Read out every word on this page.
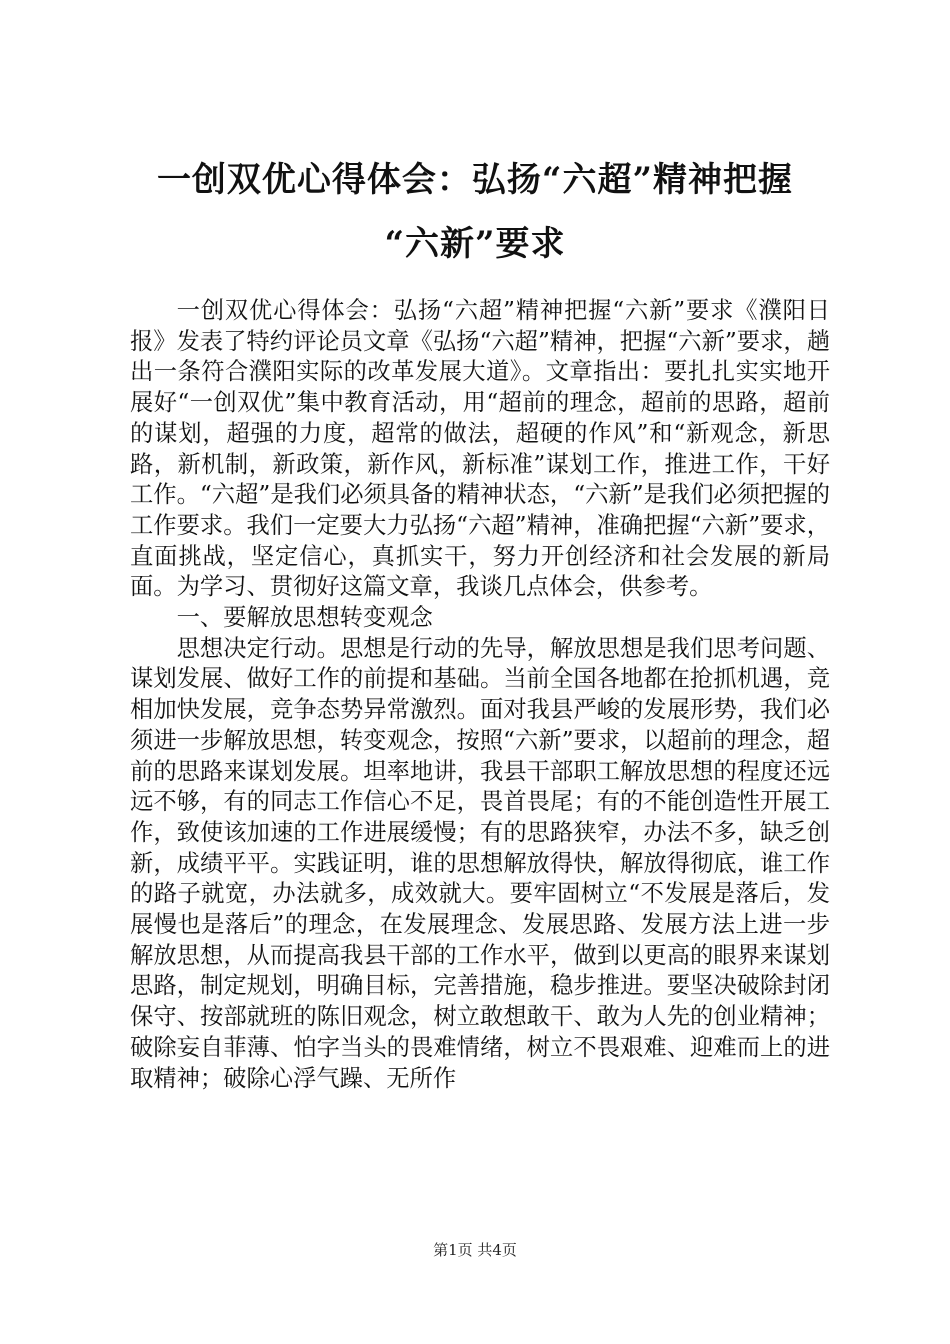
一创双优心得体会：弘扬“六超”精神把握
“六新”要求

一创双优心得体会：弘扬“六超”精神把握“六新”要求《濮阳日报》发表了特约评论员文章《弘扬“六超”精神，把握“六新”要求，趟出一条符合濮阳实际的改革发展大道》。文章指出：要扎扎实实地开展好“一创双优”集中教育活动，用“超前的理念，超前的思路，超前的谋划，超强的力度，超常的做法，超硬的作风”和“新观念，新思路，新机制，新政策，新作风，新标准”谋划工作，推进工作，干好工作。“六超”是我们必须具备的精神状态，“六新”是我们必须把握的工作要求。我们一定要大力弘扬“六超”精神，准确把握“六新”要求，直面挑战，坚定信心，真抓实干，努力开创经济和社会发展的新局面。为学习、贯彻好这篇文章，我谈几点体会，供参考。

一、要解放思想转变观念

思想决定行动。思想是行动的先导，解放思想是我们思考问题、谋划发展、做好工作的前提和基础。当前全国各地都在抢抓机遇，竞相加快发展，竞争态势异常激烈。面对我县严峻的发展形势，我们必须进一步解放思想，转变观念，按照“六新”要求，以超前的理念，超前的思路来谋划发展。坦率地讲，我县干部职工解放思想的程度还远远不够，有的同志工作信心不足，畏首畏尾；有的不能创造性开展工作，致使该加速的工作进展缓慢；有的思路狭窄，办法不多，缺乏创新，成绩平平。实践证明，谁的思想解放得快，解放得彻底，谁工作的路子就宽，办法就多，成效就大。要牢固树立“不发展是落后，发展慢也是落后”的理念，在发展理念、发展思路、发展方法上进一步解放思想，从而提高我县干部的工作水平，做到以更高的眼界来谋划思路，制定规划，明确目标，完善措施，稳步推进。要坚决破除封闭保守、按部就班的陈旧观念，树立敢想敢干、敢为人先的创业精神；破除妄自菲薄、怕字当头的畏难情绪，树立不畏艰难、迎难而上的进取精神；破除心浮气躁、无所作

第1页 共4页
